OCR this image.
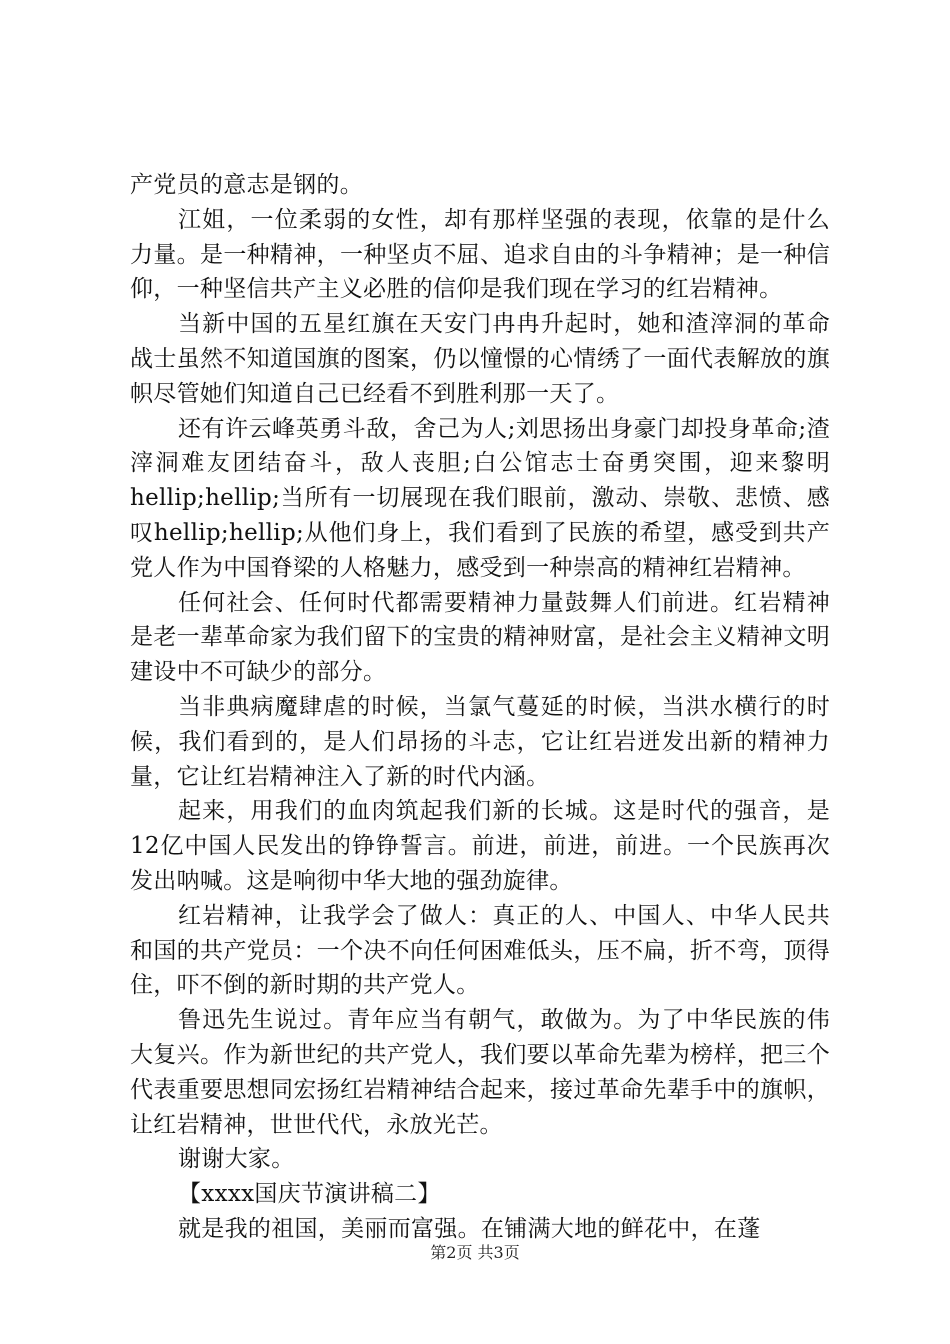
产党员的意志是钢的。

江姐，一位柔弱的女性，却有那样坚强的表现，依靠的是什么力量。是一种精神，一种坚贞不屈、追求自由的斗争精神；是一种信仰，一种坚信共产主义必胜的信仰是我们现在学习的红岩精神。

当新中国的五星红旗在天安门冉冉升起时，她和渣滓洞的革命战士虽然不知道国旗的图案，仍以憧憬的心情绣了一面代表解放的旗帜尽管她们知道自己已经看不到胜利那一天了。

还有许云峰英勇斗敌，舍己为人;刘思扬出身豪门却投身革命;渣滓洞难友团结奋斗，敌人丧胆;白公馆志士奋勇突围，迎来黎明hellip;hellip;当所有一切展现在我们眼前，激动、崇敬、悲愤、感叹hellip;hellip;从他们身上，我们看到了民族的希望，感受到共产党人作为中国脊梁的人格魅力，感受到一种崇高的精神红岩精神。

任何社会、任何时代都需要精神力量鼓舞人们前进。红岩精神是老一辈革命家为我们留下的宝贵的精神财富，是社会主义精神文明建设中不可缺少的部分。

当非典病魔肆虐的时候，当氯气蔓延的时候，当洪水横行的时候，我们看到的，是人们昂扬的斗志，它让红岩迸发出新的精神力量，它让红岩精神注入了新的时代内涵。

起来，用我们的血肉筑起我们新的长城。这是时代的强音，是12亿中国人民发出的铮铮誓言。前进，前进，前进。一个民族再次发出呐喊。这是响彻中华大地的强劲旋律。

红岩精神，让我学会了做人：真正的人、中国人、中华人民共和国的共产党员：一个决不向任何困难低头，压不扁，折不弯，顶得住，吓不倒的新时期的共产党人。

鲁迅先生说过。青年应当有朝气，敢做为。为了中华民族的伟大复兴。作为新世纪的共产党人，我们要以革命先辈为榜样，把三个代表重要思想同宏扬红岩精神结合起来，接过革命先辈手中的旗帜，让红岩精神，世世代代，永放光芒。

谢谢大家。

【xxxx国庆节演讲稿二】

就是我的祖国，美丽而富强。在铺满大地的鲜花中，在蓬

第2页 共3页
